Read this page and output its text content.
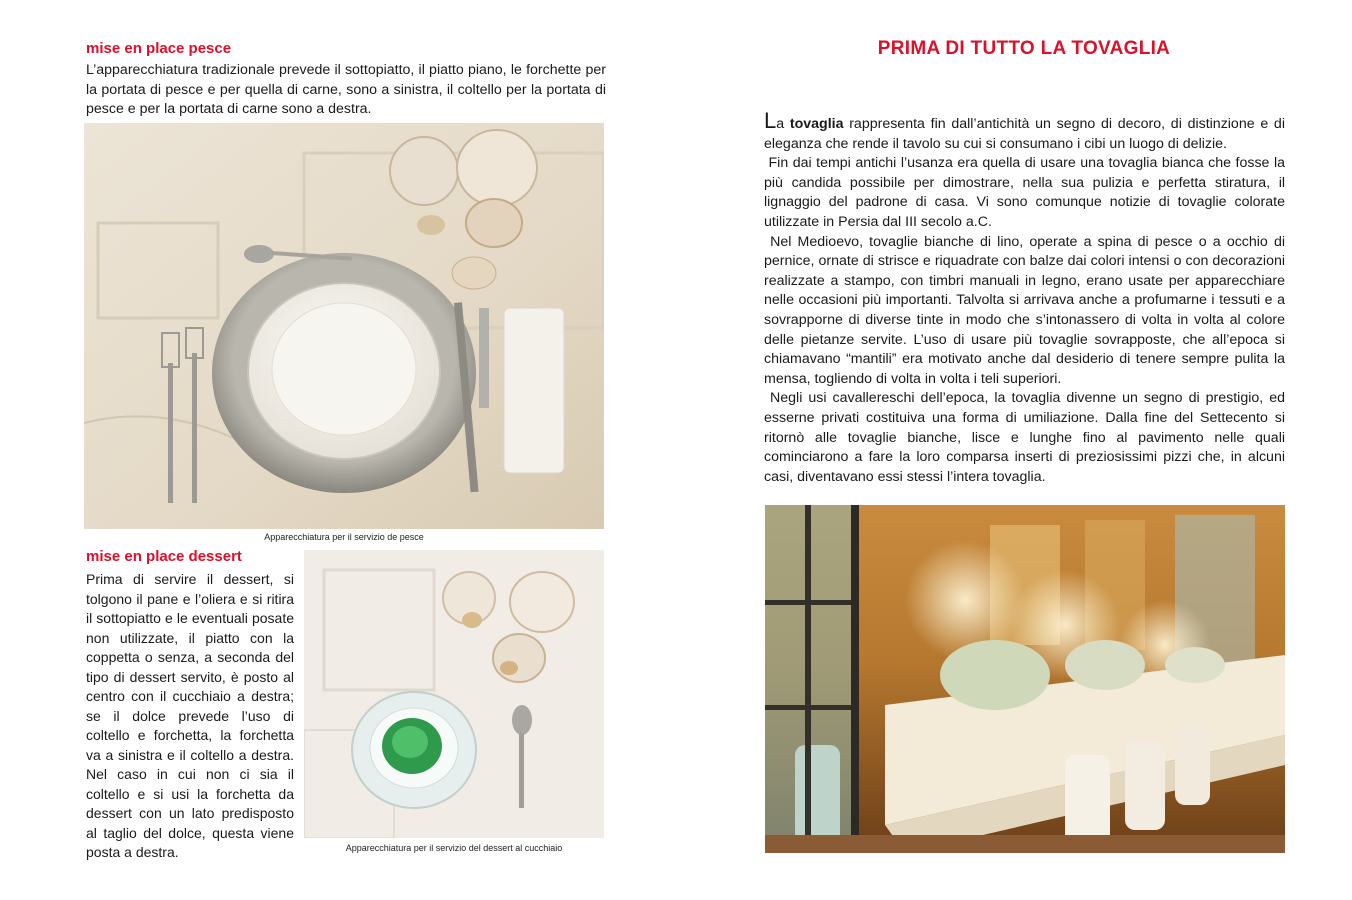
mise en place pesce
L’apparecchiatura tradizionale prevede il sottopiatto, il piatto piano, le forchette per la portata di pesce e per quella di carne, sono a sinistra, il coltello per la portata di pesce e per la portata di carne sono a destra.
Apparecchiatura per il servizio de pesce
mise en place dessert
Prima di servire il dessert, si tolgono il pane e l’oliera e si ritira il sottopiatto e le eventuali posate non utilizzate, il piatto con la coppetta o senza, a seconda del tipo di dessert servito, è posto al centro con il cucchiaio a destra; se il dolce prevede l’uso di coltello e forchetta, la forchetta va a sinistra e il coltello a destra. Nel caso in cui non ci sia il coltello e si usi la forchetta da dessert con un lato predisposto al taglio del dolce, questa viene posta a destra.	Apparecchiatura per il servizio del dessert al cucchiaio
PRIMA DI TUTTO LA TOVAGLIA

La tovaglia rappresenta fin dall’antichità un segno di decoro, di distinzione e di eleganza che rende il tavolo su cui si consumano i cibi un luogo di delizie.

Fin dai tempi antichi l’usanza era quella di usare una tovaglia bianca che fosse la più candida possibile per dimostrare, nella sua pulizia e perfetta stiratura, il lignaggio del padrone di casa. Vi sono comunque notizie di tovaglie colorate utilizzate in Persia dal III secolo a.C.

Nel Medioevo, tovaglie bianche di lino, operate a spina di pesce o a occhio di pernice, ornate di strisce e riquadrate con balze dai colori intensi o con decorazioni realizzate a stampo, con timbri manuali in legno, erano usate per apparecchiare nelle occasioni più importanti. Talvolta si arrivava anche a profumarne i tessuti e a sovrapporne di diverse tinte in modo che s’intonassero di volta in volta al colore delle pietanze servite. L’uso di usare più tovaglie sovrapposte, che all’epoca si chiamavano “mantili” era motivato anche dal desiderio di tenere sempre pulita la mensa, togliendo di volta in volta i teli superiori.

Negli usi cavallereschi dell’epoca, la tovaglia divenne un segno di prestigio, ed esserne privati costituiva una forma di umiliazione. Dalla fine del Settecento si ritornò alle tovaglie bianche, lisce e lunghe fino al pavimento nelle quali cominciarono a fare la loro comparsa inserti di preziosissimi pizzi che, in alcuni casi, diventavano essi stessi l’intera tovaglia.
